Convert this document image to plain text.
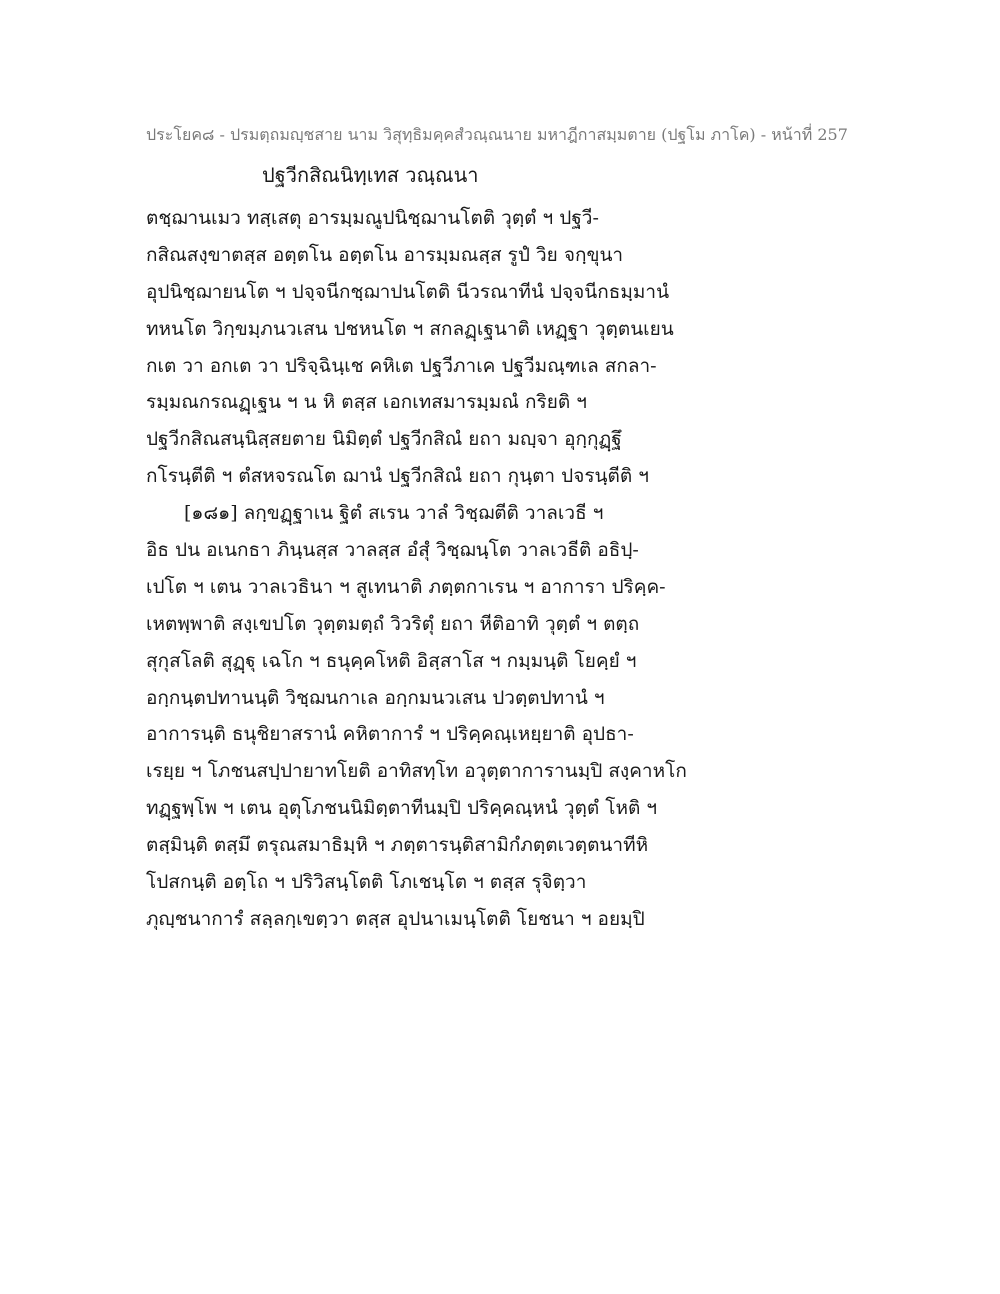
ประโยค๘ - ปรมตฺถมญฺชสาย นาม วิสุทฺธิมคฺคสํวณฺณนาย มหาฎีกาสมฺมตาย (ปฐโม ภาโค) - หน้าที่ 257
ปฐวีกสิณนิทฺเทส วณฺณนา
ตชฺฌานเมว ทสฺเสตุ อารมฺมณูปนิชฺฌานโตติ วุตฺตํ ฯ ปฐวี-
กสิณสงฺขาตสฺส อตฺตโน อตฺตโน อารมฺมณสฺส รูปํ วิย จกฺขุนา
อุปนิชฺฌายนโต ฯ ปจฺจนีกชฺฌาปนโตติ นีวรณาทีนํ ปจฺจนีกธมฺมานํ
ทหนโต วิกฺขมฺภนวเสน ปชหนโต ฯ สกลฏฺเฐนาติ เหฏฺฐา วุตฺตนเยน
กเต วา อกเต วา ปริจฺฉินฺเช คหิเต ปฐวีภาเค ปฐวีมณฺฑเล สกลา-
รมฺมณกรณฏฺเฐน ฯ น หิ ตสฺส เอกเทสมารมฺมณํ กริยติ ฯ
ปฐวีกสิณสนฺนิสฺสยตาย นิมิตฺตํ ปฐวีกสิณํ ยถา มญฺจา อุกฺกุฏฺฐึ
กโรนฺตีติ ฯ ตํสหจรณโต ฌานํ ปฐวีกสิณํ ยถา กุนฺตา ปจรนฺตีติ ฯ
[๑๘๑] ลกฺขฏฺฐาเน ฐิตํ สเรน วาลํ วิชฺฌตีติ วาลเวธี ฯ
อิธ ปน อเนกธา ภินฺนสฺส วาลสฺส อํสุํ วิชฺฌนฺโต วาลเวธีติ อธิปฺ-
เปโต ฯ เตน วาลเวธินา ฯ สูเทนาติ ภตฺตกาเรน ฯ อาการา ปริคฺค-
เหตพฺพาติ สงฺเขปโต วุตฺตมตฺถํ วิวริตุํ ยถา หีติอาทิ วุตฺตํ ฯ ตตฺถ
สุกุสโลติ สุฏฺฐุ เฉโก ฯ ธนุคฺคโหติ อิสฺสาโส ฯ กมฺมนฺติ โยคฺยํ ฯ
อกฺกนฺตปทานนฺติ วิชฺฌนกาเล อกฺกมนวเสน ปวตฺตปทานํ ฯ
อาการนฺติ ธนุชิยาสรานํ คหิตาการํ ฯ ปริคฺคณฺเหยฺยาติ อุปธา-
เรยฺย ฯ โภชนสปฺปายาทโยติ อาทิสทฺโท อวุตฺตาการานมฺปิ สงฺคาหโก
ทฏฺฐพฺโพ ฯ เตน อุตุโภชนนิมิตฺตาทีนมฺปิ ปริคฺคณฺหนํ วุตฺตํ โหติ ฯ
ตสฺมินฺติ ตสฺมึ ตรุณสมาธิมฺหิ ฯ ภตฺตารนฺติสามิกํภตฺตเวตฺตนาทีหิ
โปสกนฺติ อตฺโถ ฯ ปริวิสนฺโตติ โภเชนฺโต ฯ ตสฺส รุจิตฺวา
ภุญฺชนาการํ สลฺลกฺเขตฺวา ตสฺส อุปนาเมนฺโตติ โยชนา ฯ อยมฺปิ
